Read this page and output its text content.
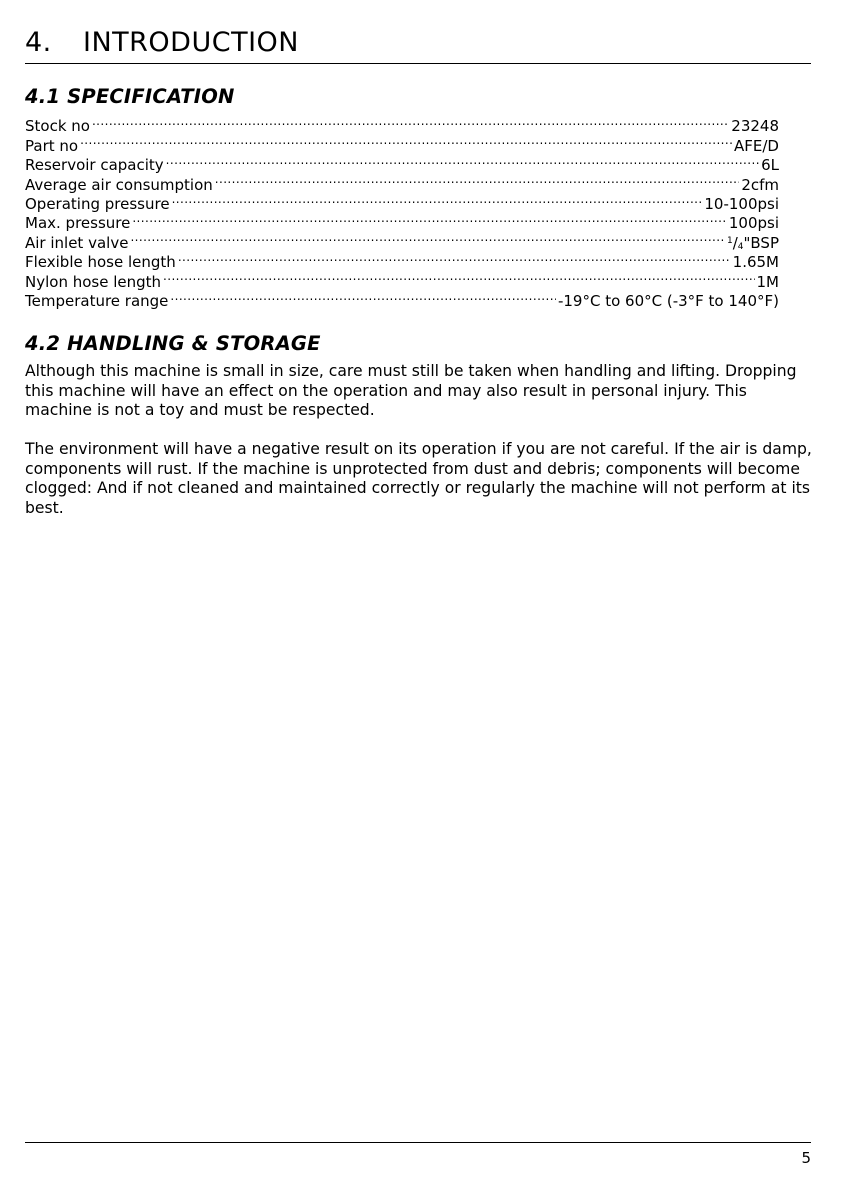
4. INTRODUCTION
4.1 SPECIFICATION
Stock no .....	23248
Part no .....	AFE/D
Reservoir capacity .....	6L
Average air consumption .....	2cfm
Operating pressure .....	10-100psi
Max. pressure .....	100psi
Air inlet valve .....	$^1/_4"BSP$
Flexible hose length .....	1.65M
Nylon hose length .....	1M
Temperature range .....	-19°C to 60°C (-3°F to 140°F)
4.2 HANDLING & STORAGE

Although this machine is small in size, care must still be taken when handling and lifting. Dropping this machine will have an effect on the operation and may also result in personal injury. This machine is not a toy and must be respected.

The environment will have a negative result on its operation if you are not careful. If the air is damp, components will rust. If the machine is unprotected from dust and debris; components will become clogged: And if not cleaned and maintained correctly or regularly the machine will not perform at its best.

5
